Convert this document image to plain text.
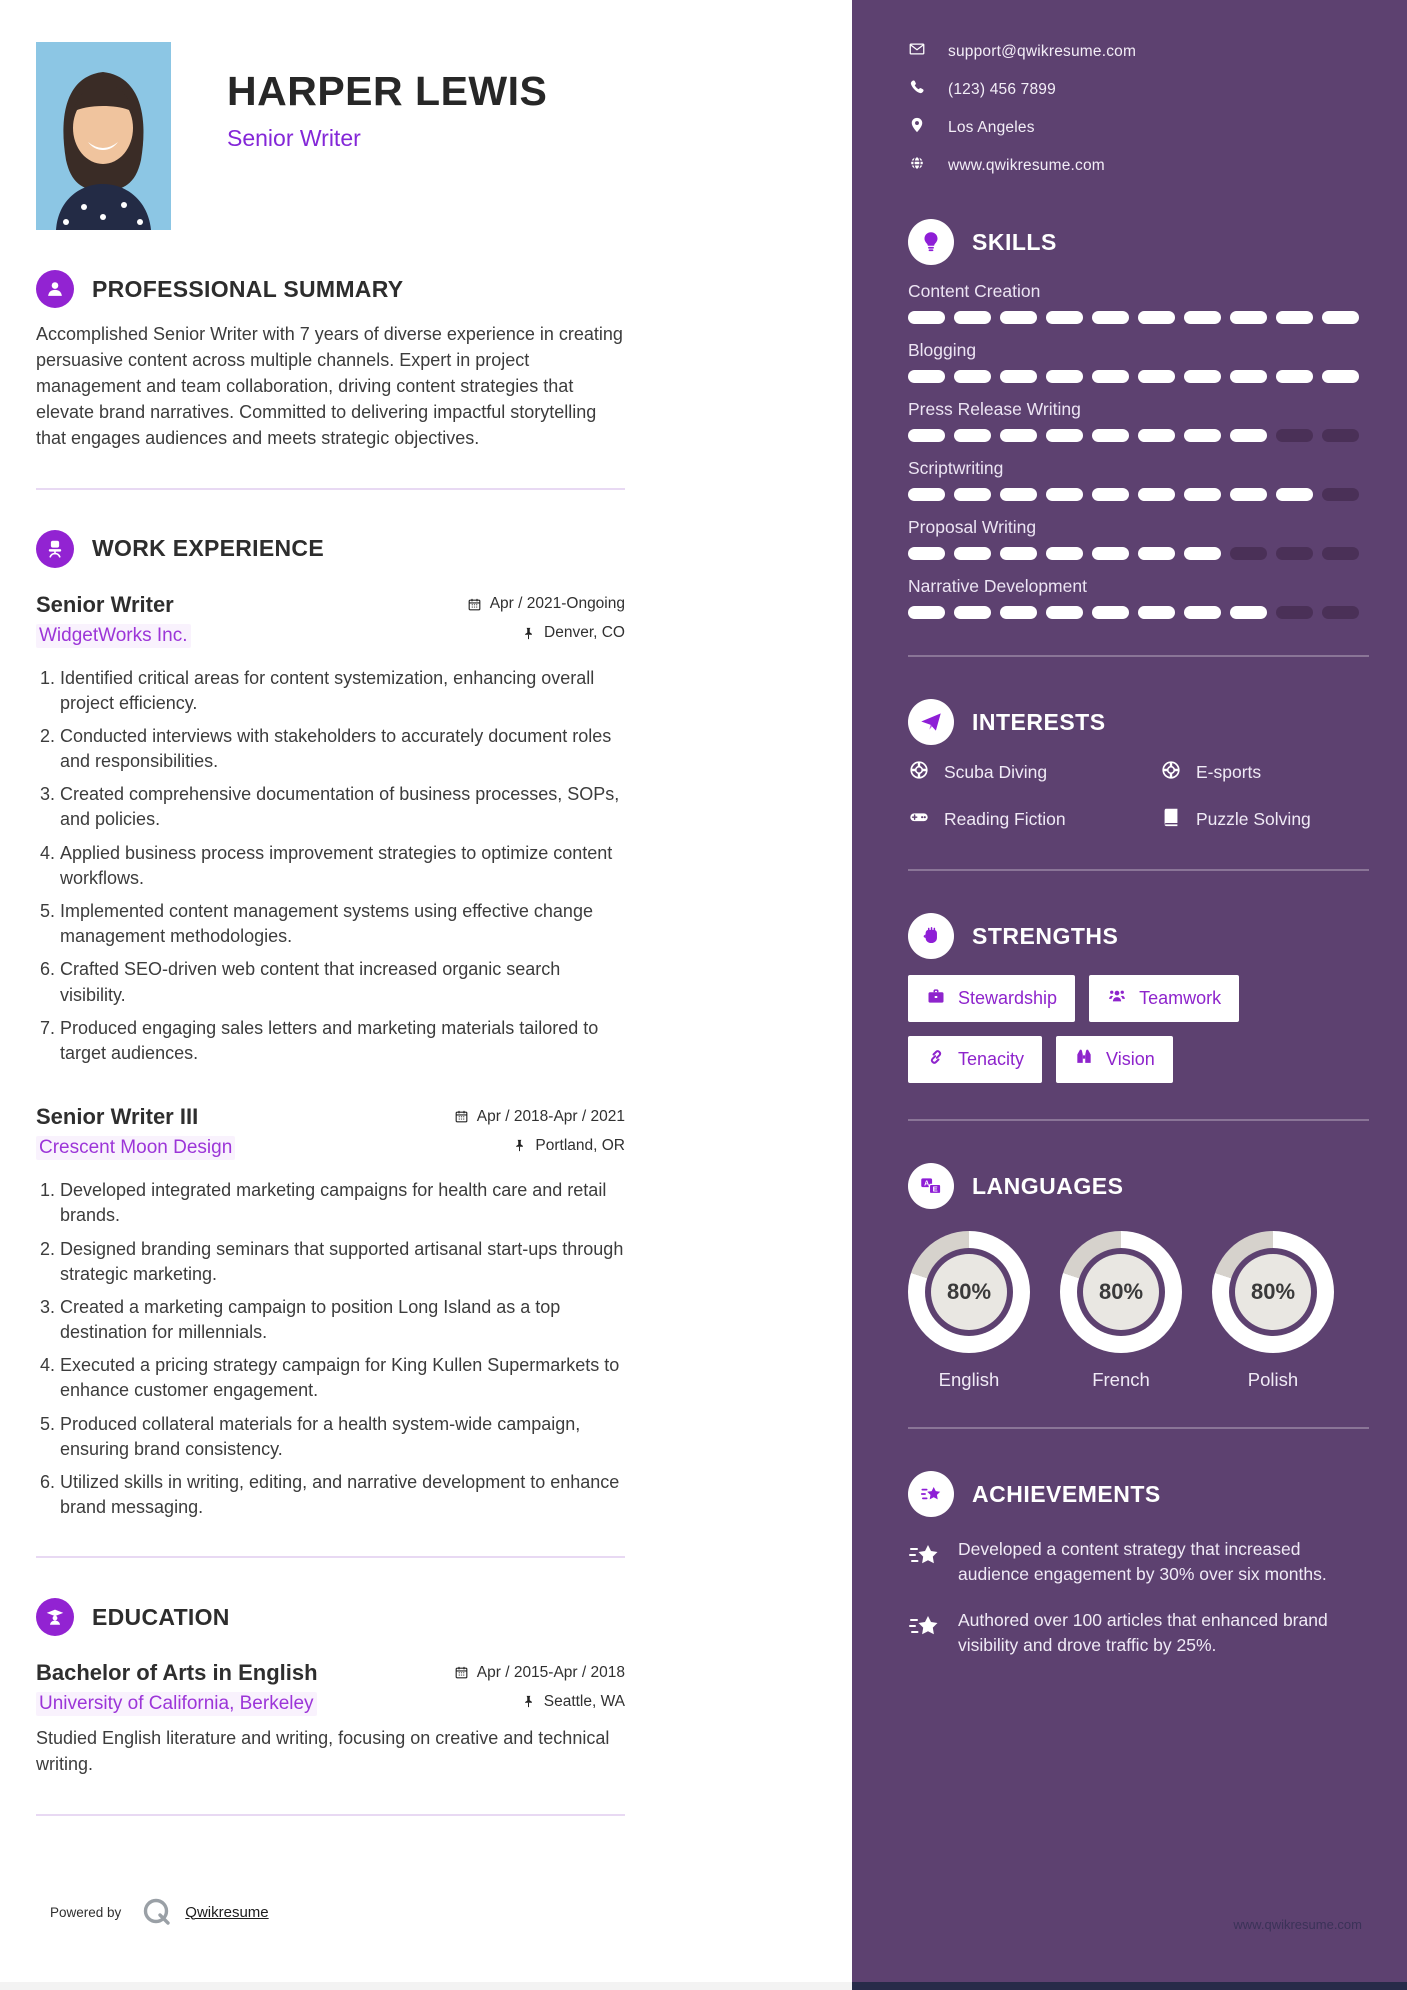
HARPER LEWIS
Senior Writer
PROFESSIONAL SUMMARY

Accomplished Senior Writer with 7 years of diverse experience in creating persuasive content across multiple channels. Expert in project management and team collaboration, driving content strategies that elevate brand narratives. Committed to delivering impactful storytelling that engages audiences and meets strategic objectives.

WORK EXPERIENCE
Senior Writer	Apr / 2021-Ongoing
WidgetWorks Inc.	Denver, CO
1. Identified critical areas for content systemization, enhancing overall project efficiency.
2. Conducted interviews with stakeholders to accurately document roles and responsibilities.
3. Created comprehensive documentation of business processes, SOPs, and policies.
4. Applied business process improvement strategies to optimize content workflows.
5. Implemented content management systems using effective change management methodologies.
6. Crafted SEO-driven web content that increased organic search visibility.
7. Produced engaging sales letters and marketing materials tailored to target audiences.
Senior Writer III	Apr / 2018-Apr / 2021
Crescent Moon Design	Portland, OR
1. Developed integrated marketing campaigns for health care and retail brands.
2. Designed branding seminars that supported artisanal start-ups through strategic marketing.
3. Created a marketing campaign to position Long Island as a top destination for millennials.
4. Executed a pricing strategy campaign for King Kullen Supermarkets to enhance customer engagement.
5. Produced collateral materials for a health system-wide campaign, ensuring brand consistency.
6. Utilized skills in writing, editing, and narrative development to enhance brand messaging.
EDUCATION
Bachelor of Arts in English	Apr / 2015-Apr / 2018
University of California, Berkeley	Seattle, WA

Studied English literature and writing, focusing on creative and technical writing.

Powered by	Qwikresume
support@qwikresume.com
(123) 456 7899
Los Angeles
www.qwikresume.com
SKILLS
Content Creation
Blogging
Press Release Writing
Scriptwriting
Proposal Writing
Narrative Development
INTERESTS
Scuba Diving	E-sports
Reading Fiction	Puzzle Solving
STRENGTHS
Stewardship	Teamwork
Tenacity	Vision
A
E LANGUAGES
80%
English
80%
French
80%
Polish
ACHIEVEMENTS
Developed a content strategy that increased audience engagement by 30% over six months.
Authored over 100 articles that enhanced brand visibility and drove traffic by 25%.
www.qwikresume.com
